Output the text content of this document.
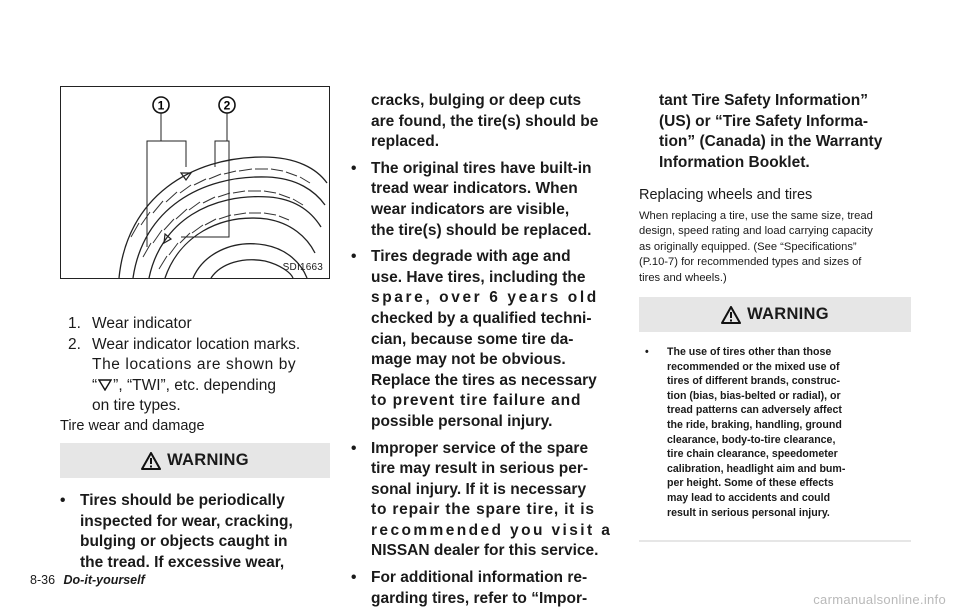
1	2
SDI1663
1. Wear indicator
2. Wear indicator location marks.
The locations are shown by
“ ”, “TWI”, etc. depending
on tire types.
Tire wear and damage
WARNING
• Tires should be periodically
inspected for wear, cracking,
bulging or objects caught in
the tread. If excessive wear,
cracks, bulging or deep cuts
are found, the tire(s) should be
replaced.
• The original tires have built-in
tread wear indicators. When
wear indicators are visible,
the tire(s) should be replaced.
• Tires degrade with age and
use. Have tires, including the
spare, over 6 years old
checked by a qualified techni-
cian, because some tire da-
mage may not be obvious.
Replace the tires as necessary
to prevent tire failure and
possible personal injury.
• Improper service of the spare
tire may result in serious per-
sonal injury. If it is necessary
to repair the spare tire, it is
recommended you visit a
NISSAN dealer for this service.
• For additional information re-
garding tires, refer to “Impor-
tant Tire Safety Information”
(US) or “Tire Safety Informa-
tion” (Canada) in the Warranty
Information Booklet.
Replacing wheels and tires
When replacing a tire, use the same size, tread
design, speed rating and load carrying capacity
as originally equipped. (See “Specifications”
(P.10-7) for recommended types and sizes of
tires and wheels.)
WARNING
•	The use of tires other than those
recommended or the mixed use of
tires of different brands, construc-
tion (bias, bias-belted or radial), or
tread patterns can adversely affect
the ride, braking, handling, ground
clearance, body-to-tire clearance,
tire chain clearance, speedometer
calibration, headlight aim and bum-
per height. Some of these effects
may lead to accidents and could
result in serious personal injury.
8-36 Do-it-yourself
carmanualsonline.info
